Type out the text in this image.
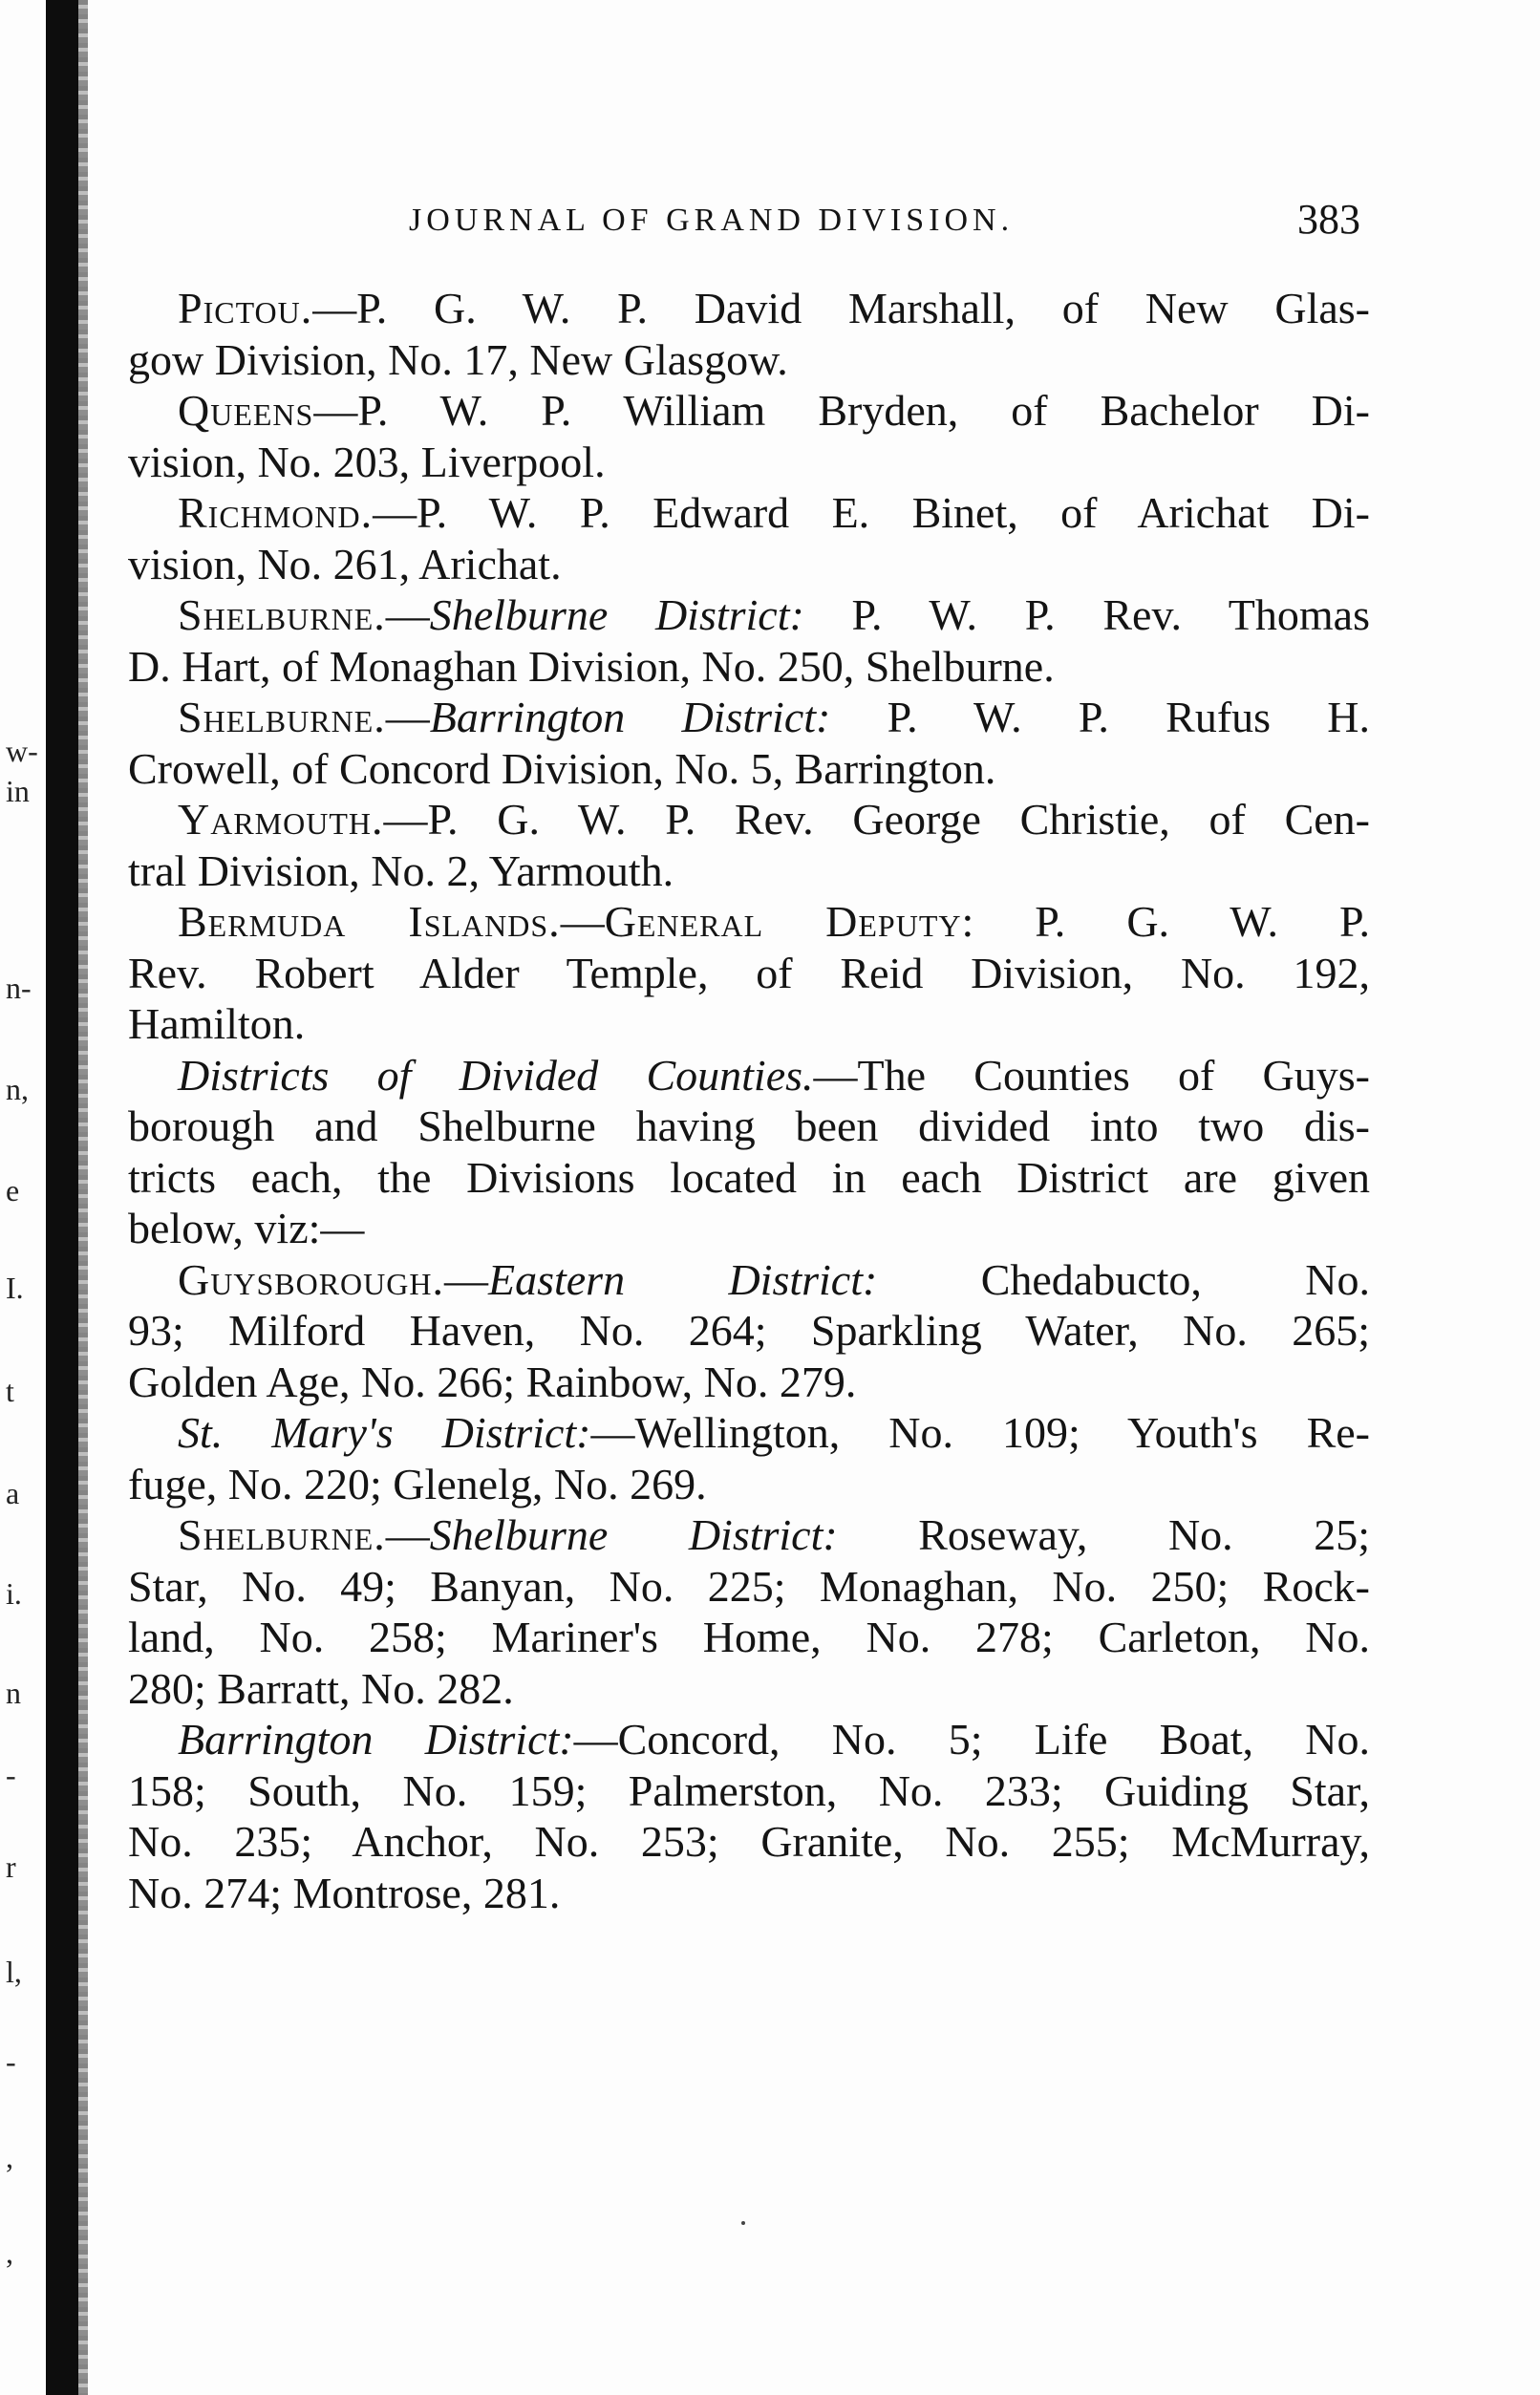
w-
in
n-
n,
e
I.
t
a
i.
n
-
r
l,
-
,
,
JOURNAL OF GRAND DIVISION.	383
Pictou.—P. G. W. P. David Marshall, of New Glas-
gow Division, No. 17, New Glasgow.
Queens—P. W. P. William Bryden, of Bachelor Di-
vision, No. 203, Liverpool.
Richmond.—P. W. P. Edward E. Binet, of Arichat Di-
vision, No. 261, Arichat.
Shelburne.—Shelburne District: P. W. P. Rev. Thomas
D. Hart, of Monaghan Division, No. 250, Shelburne.
Shelburne.—Barrington District: P. W. P. Rufus H.
Crowell, of Concord Division, No. 5, Barrington.
Yarmouth.—P. G. W. P. Rev. George Christie, of Cen-
tral Division, No. 2, Yarmouth.
Bermuda Islands.—General Deputy: P. G. W. P.
Rev. Robert Alder Temple, of Reid Division, No. 192,
Hamilton.
Districts of Divided Counties.—The Counties of Guys-
borough and Shelburne having been divided into two dis-
tricts each, the Divisions located in each District are given
below, viz:—
Guysborough.—Eastern District: Chedabucto, No.
93; Milford Haven, No. 264; Sparkling Water, No. 265;
Golden Age, No. 266; Rainbow, No. 279.
St. Mary's District:—Wellington, No. 109; Youth's Re-
fuge, No. 220; Glenelg, No. 269.
Shelburne.—Shelburne District: Roseway, No. 25;
Star, No. 49; Banyan, No. 225; Monaghan, No. 250; Rock-
land, No. 258; Mariner's Home, No. 278; Carleton, No.
280; Barratt, No. 282.
Barrington District:—Concord, No. 5; Life Boat, No.
158; South, No. 159; Palmerston, No. 233; Guiding Star,
No. 235; Anchor, No. 253; Granite, No. 255; McMurray,
No. 274; Montrose, 281.
